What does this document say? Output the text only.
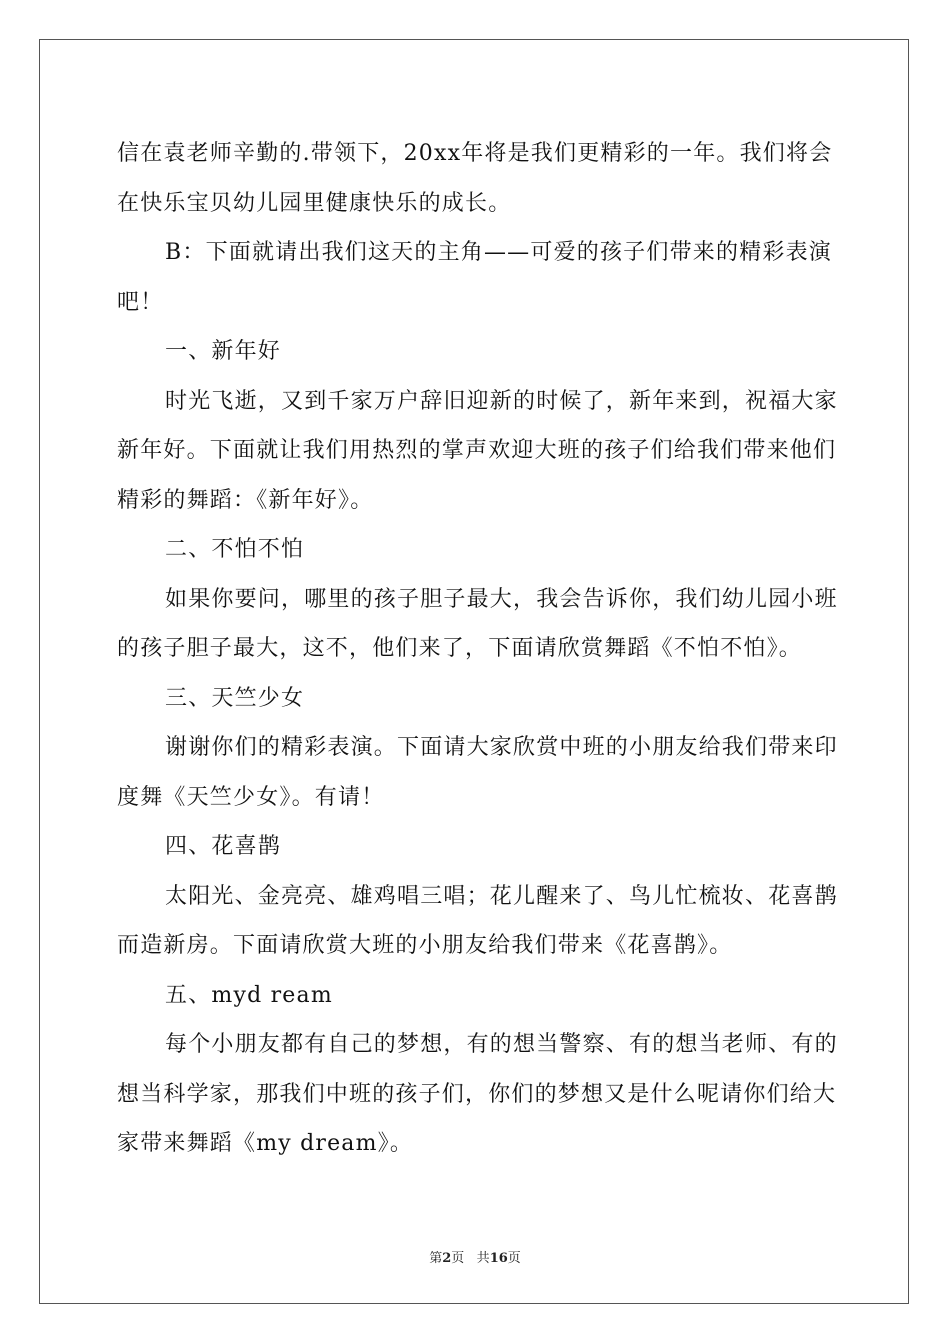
信在袁老师辛勤的.带领下，20xx年将是我们更精彩的一年。我们将会在快乐宝贝幼儿园里健康快乐的成长。

B：下面就请出我们这天的主角——可爱的孩子们带来的精彩表演吧！

一、新年好

时光飞逝，又到千家万户辞旧迎新的时候了，新年来到，祝福大家新年好。下面就让我们用热烈的掌声欢迎大班的孩子们给我们带来他们精彩的舞蹈：《新年好》。

二、不怕不怕

如果你要问，哪里的孩子胆子最大，我会告诉你，我们幼儿园小班的孩子胆子最大，这不，他们来了，下面请欣赏舞蹈《不怕不怕》。

三、天竺少女

谢谢你们的精彩表演。下面请大家欣赏中班的小朋友给我们带来印度舞《天竺少女》。有请！

四、花喜鹊

太阳光、金亮亮、雄鸡唱三唱；花儿醒来了、鸟儿忙梳妆、花喜鹊而造新房。下面请欣赏大班的小朋友给我们带来《花喜鹊》。

五、myd ream

每个小朋友都有自己的梦想，有的想当警察、有的想当老师、有的想当科学家，那我们中班的孩子们，你们的梦想又是什么呢请你们给大家带来舞蹈《my dream》。

第2页 共16页
